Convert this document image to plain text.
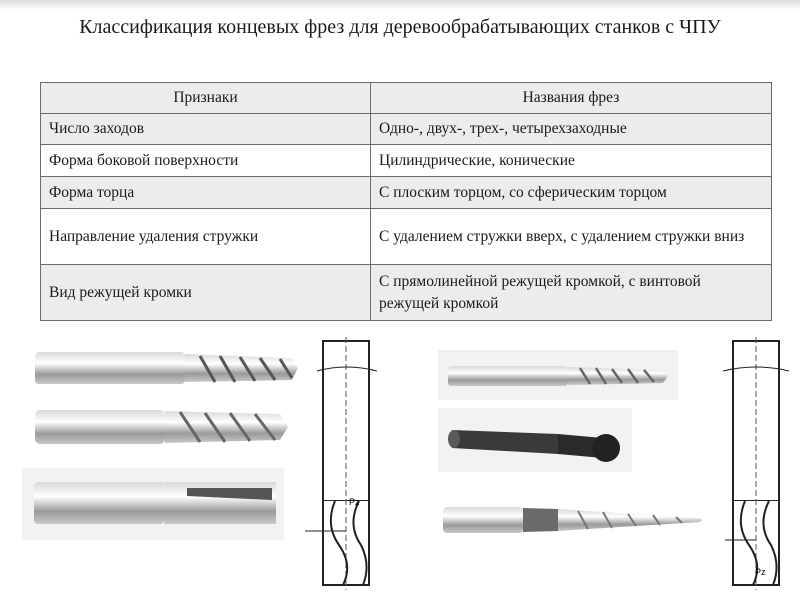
Классификация концевых фрез для деревообрабатывающих станков с ЧПУ
Признаки	Названия фрез
Число заходов	Одно-, двух-, трех-, четырехзаходные
Форма боковой поверхности	Цилиндрические, конические
Форма торца	С плоским торцом, со сферическим торцом
Направление удаления стружки	С удалением стружки вверх, с удалением стружки вниз
Вид режущей кромки	С прямолинейной режущей кромкой, с винтовой режущей кромкой
Pz
Pz
